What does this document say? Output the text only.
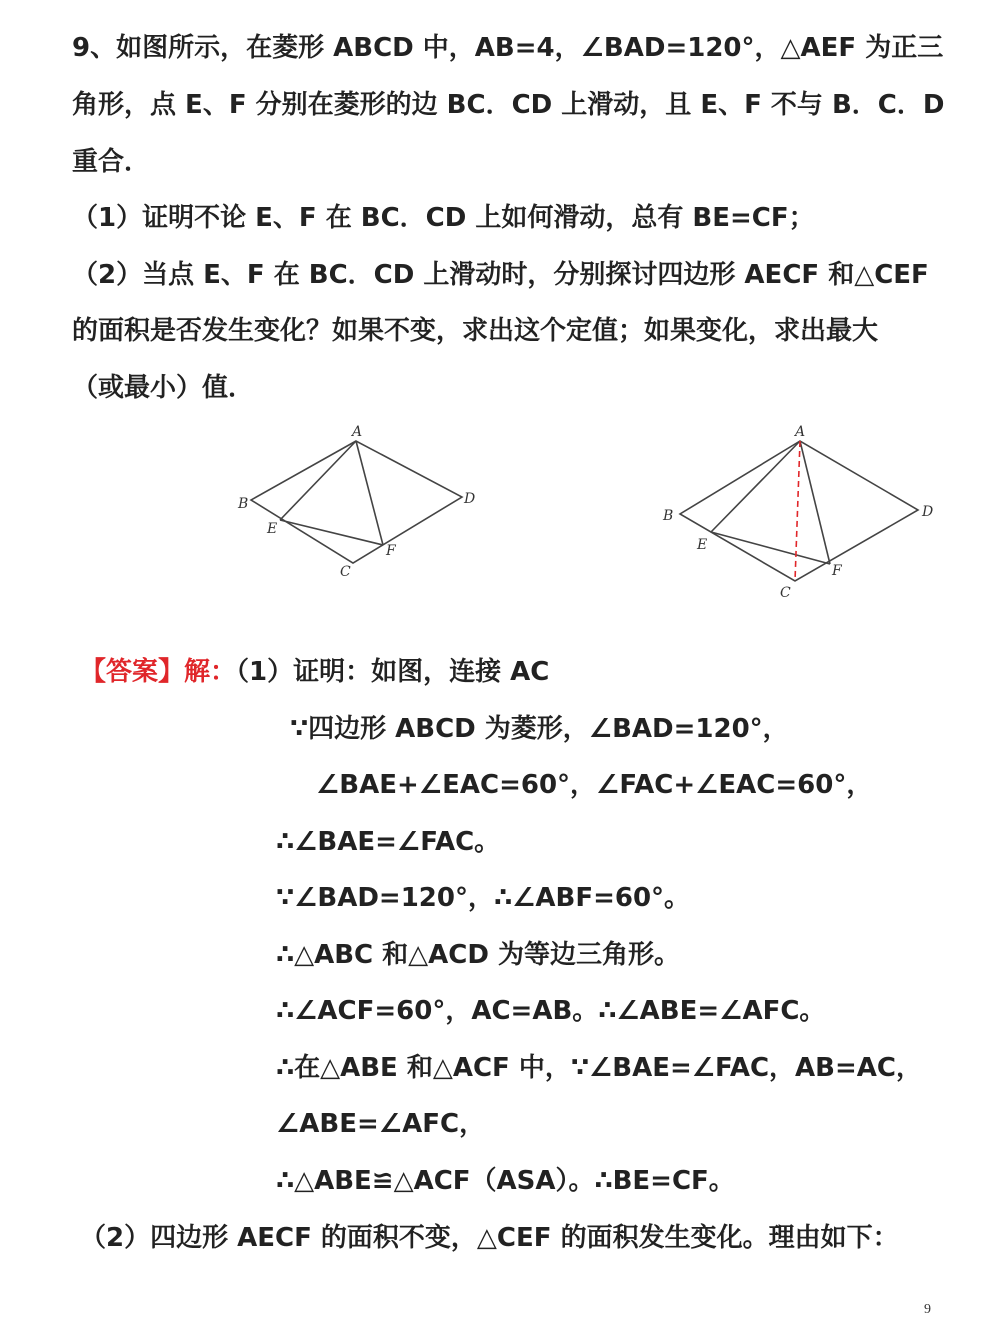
9、如图所示，在菱形 ABCD 中，AB=4，∠BAD=120°，△AEF 为正三
角形，点 E、F 分别在菱形的边 BC．CD 上滑动，且 E、F 不与 B．C．D
重合．
（1）证明不论 E、F 在 BC．CD 上如何滑动，总有 BE=CF；
（2）当点 E、F 在 BC．CD 上滑动时，分别探讨四边形 AECF 和△CEF
的面积是否发生变化？如果不变，求出这个定值；如果变化，求出最大
（或最小）值．
A
B
C
D
E
F
A
B
C
D
E
F
【答案】解：（1）证明：如图，连接 AC
∵四边形 ABCD 为菱形，∠BAD=120°，
∠BAE+∠EAC=60°，∠FAC+∠EAC=60°，
∴∠BAE=∠FAC。
∵∠BAD=120°，∴∠ABF=60°。
∴△ABC 和△ACD 为等边三角形。
∴∠ACF=60°，AC=AB。∴∠ABE=∠AFC。
∴在△ABE 和△ACF 中，∵∠BAE=∠FAC，AB=AC，
∠ABE=∠AFC，
∴△ABE≌△ACF（ASA）。∴BE=CF。
（2）四边形 AECF 的面积不变，△CEF 的面积发生变化。理由如下：
9
